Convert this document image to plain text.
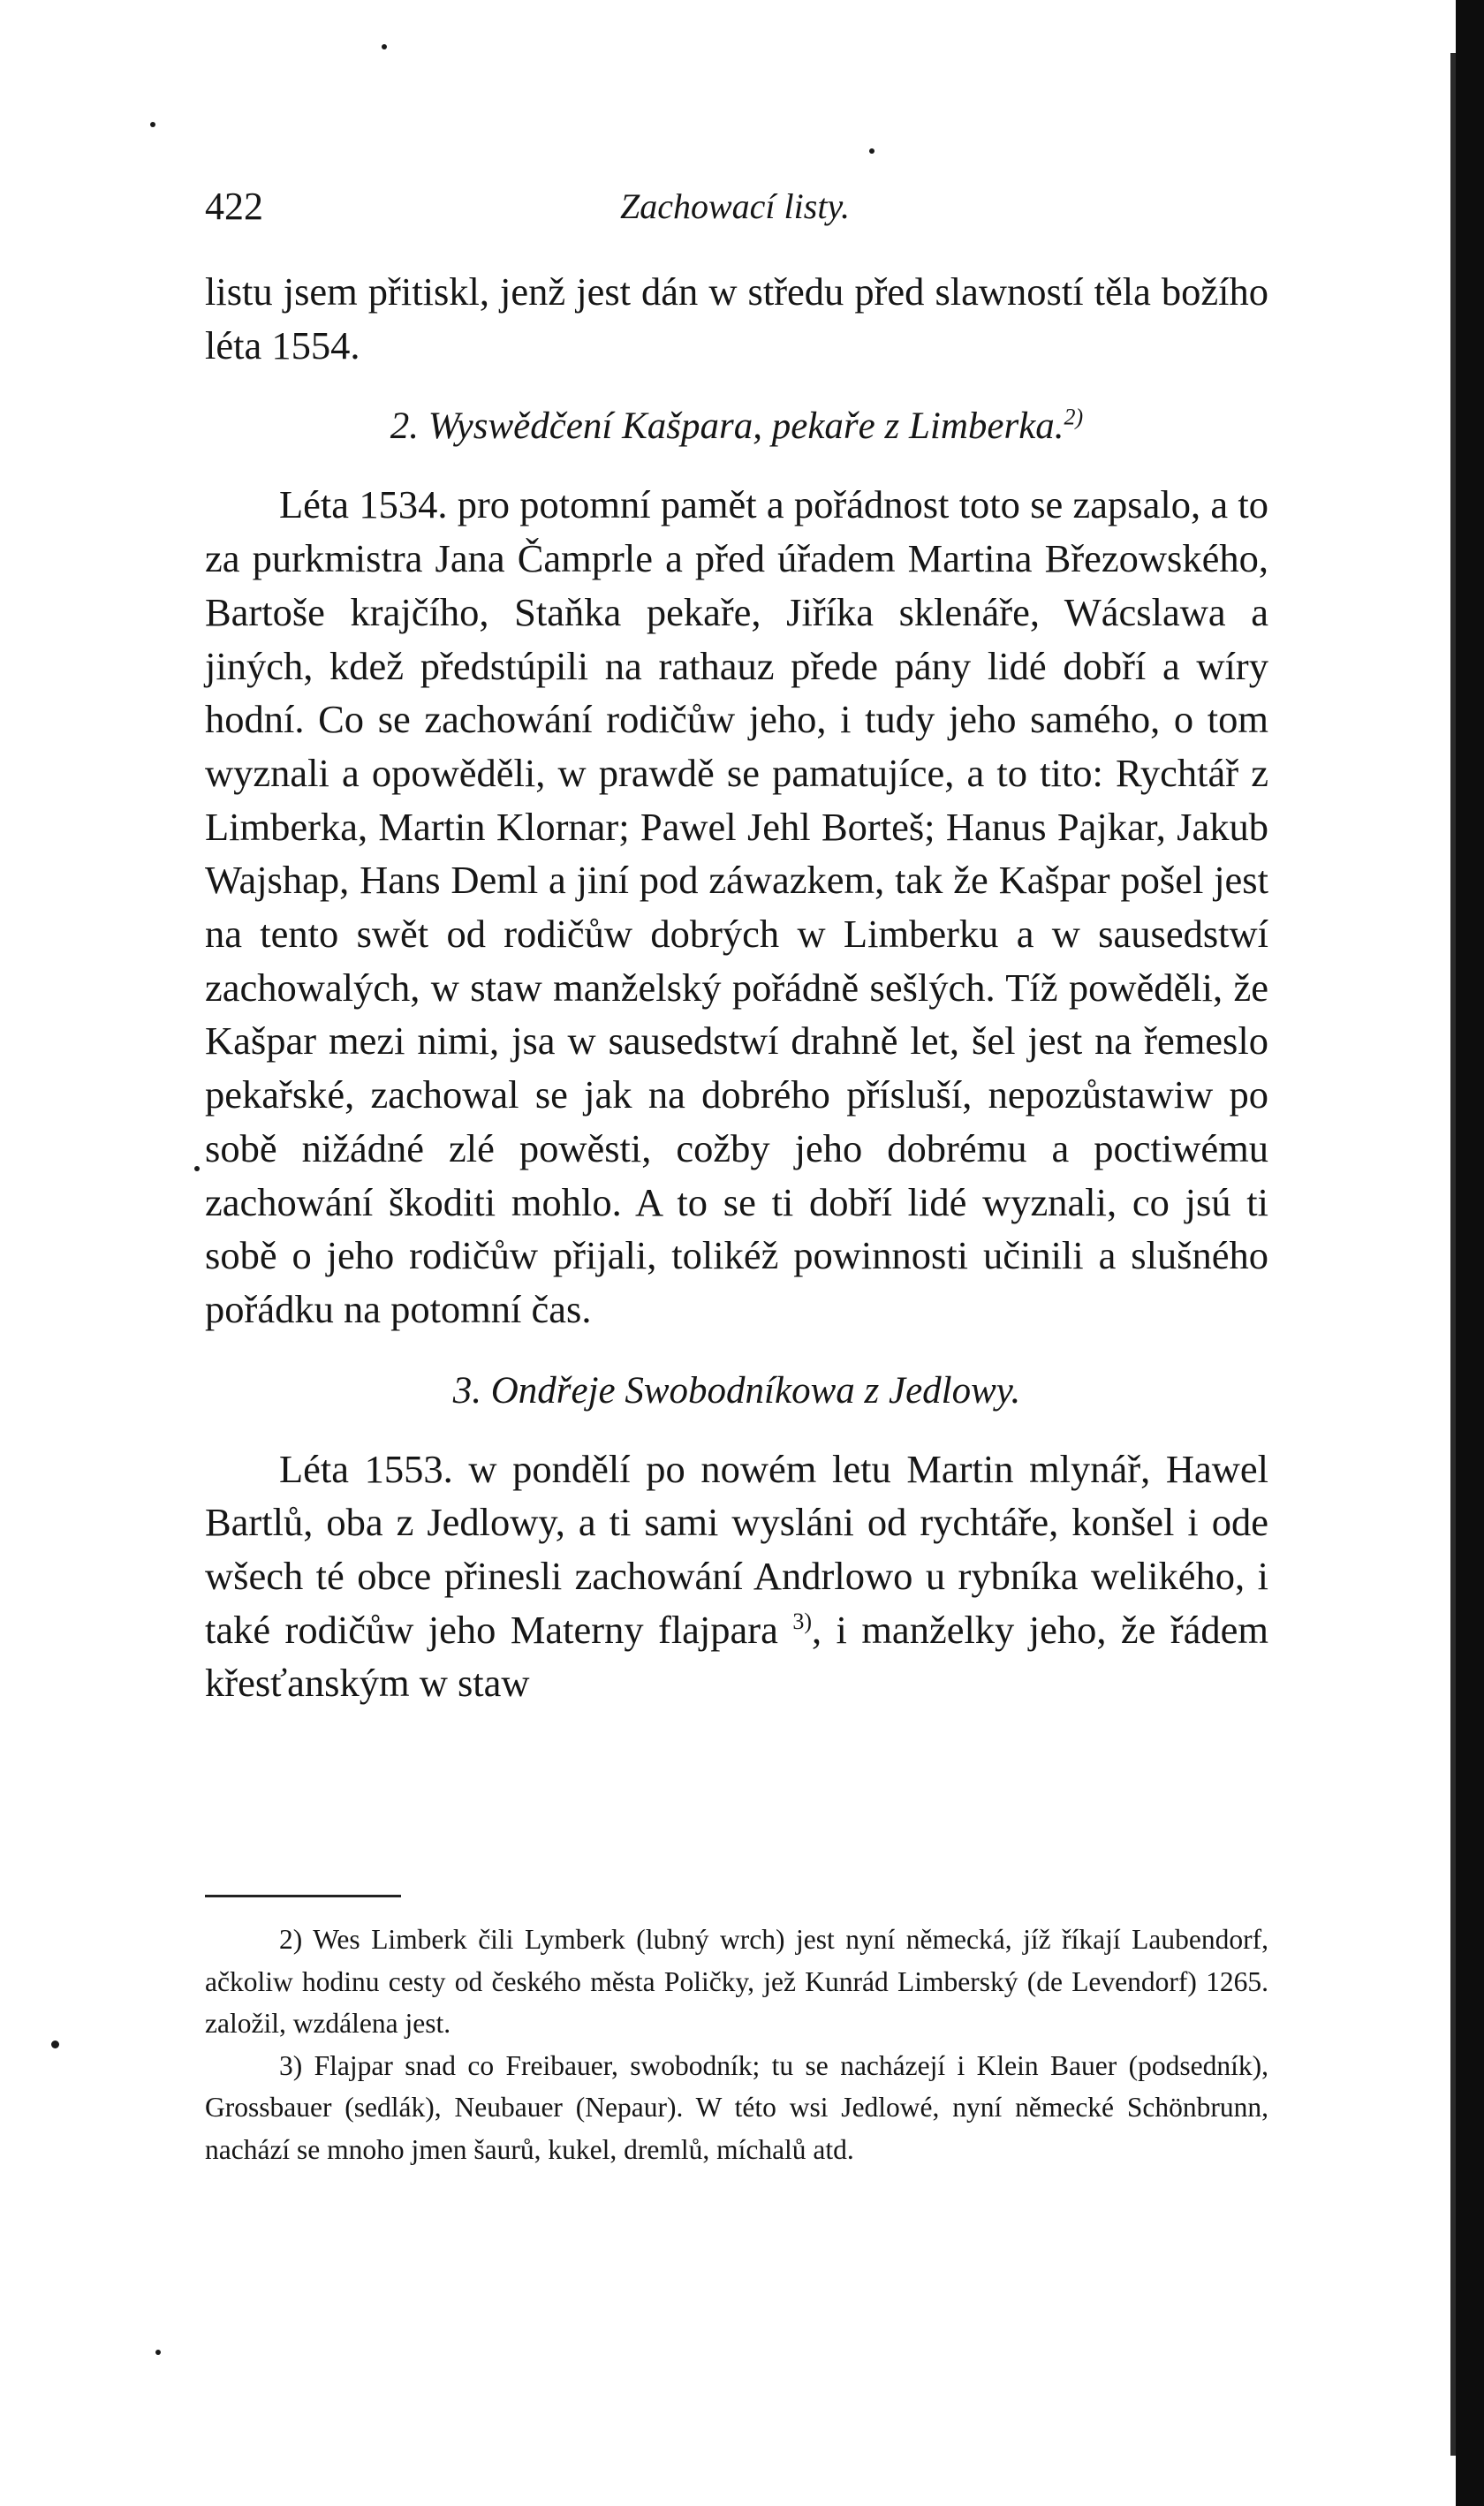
422	Zachowací listy.

listu jsem přitiskl, jenž jest dán w středu před slawností těla božího léta 1554.

2. Wyswědčení Kašpara, pekaře z Limberka.$^{2)}$

Léta 1534. pro potomní pamět a pořádnost toto se zapsalo, a to za purkmistra Jana Čamprle a před úřadem Martina Březowského, Bartoše krajčího, Staňka pekaře, Jiříka sklenáře, Wácslawa a jiných, kdež předstúpili na rathauz přede pány lidé dobří a wíry hodní. Co se zachowání rodičůw jeho, i tudy jeho samého, o tom wyznali a opowěděli, w prawdě se pamatujíce, a to tito: Rychtář z Limberka, Martin Klornar; Pawel Jehl Borteš; Hanus Pajkar, Jakub Wajshap, Hans Deml a jiní pod záwazkem, tak že Kašpar pošel jest na tento swět od rodičůw dobrých w Limberku a w sausedstwí zachowalých, w staw manželský pořádně sešlých. Tíž powěděli, že Kašpar mezi nimi, jsa w sausedstwí drahně let, šel jest na řemeslo pekařské, zachowal se jak na dobrého přísluší, nepozůstawiw po sobě nižádné zlé powěsti, cožby jeho dobrému a poctiwému zachowání škoditi mohlo. A to se ti dobří lidé wyznali, co jsú ti sobě o jeho rodičůw přijali, tolikéž powinnosti učinili a slušného pořádku na potomní čas.

3. Ondřeje Swobodníkowa z Jedlowy.

Léta 1553. w pondělí po nowém letu Martin mlynář, Hawel Bartlů, oba z Jedlowy, a ti sami wysláni od rychtáře, konšel i ode wšech té obce přinesli zachowání Andrlowo u rybníka welikého, i také rodičůw jeho Materny flajpara $^{3)}$, i manželky jeho, že řádem křesťanským w staw

2) Wes Limberk čili Lymberk (lubný wrch) jest nyní německá, jíž říkají Laubendorf, ačkoliw hodinu cesty od českého města Poličky, jež Kunrád Limberský (de Levendorf) 1265. založil, wzdálena jest.

3) Flajpar snad co Freibauer, swobodník; tu se nacházejí i Klein Bauer (podsedník), Grossbauer (sedlák), Neubauer (Nepaur). W této wsi Jedlowé, nyní německé Schönbrunn, nachází se mnoho jmen šaurů, kukel, dremlů, míchalů atd.
